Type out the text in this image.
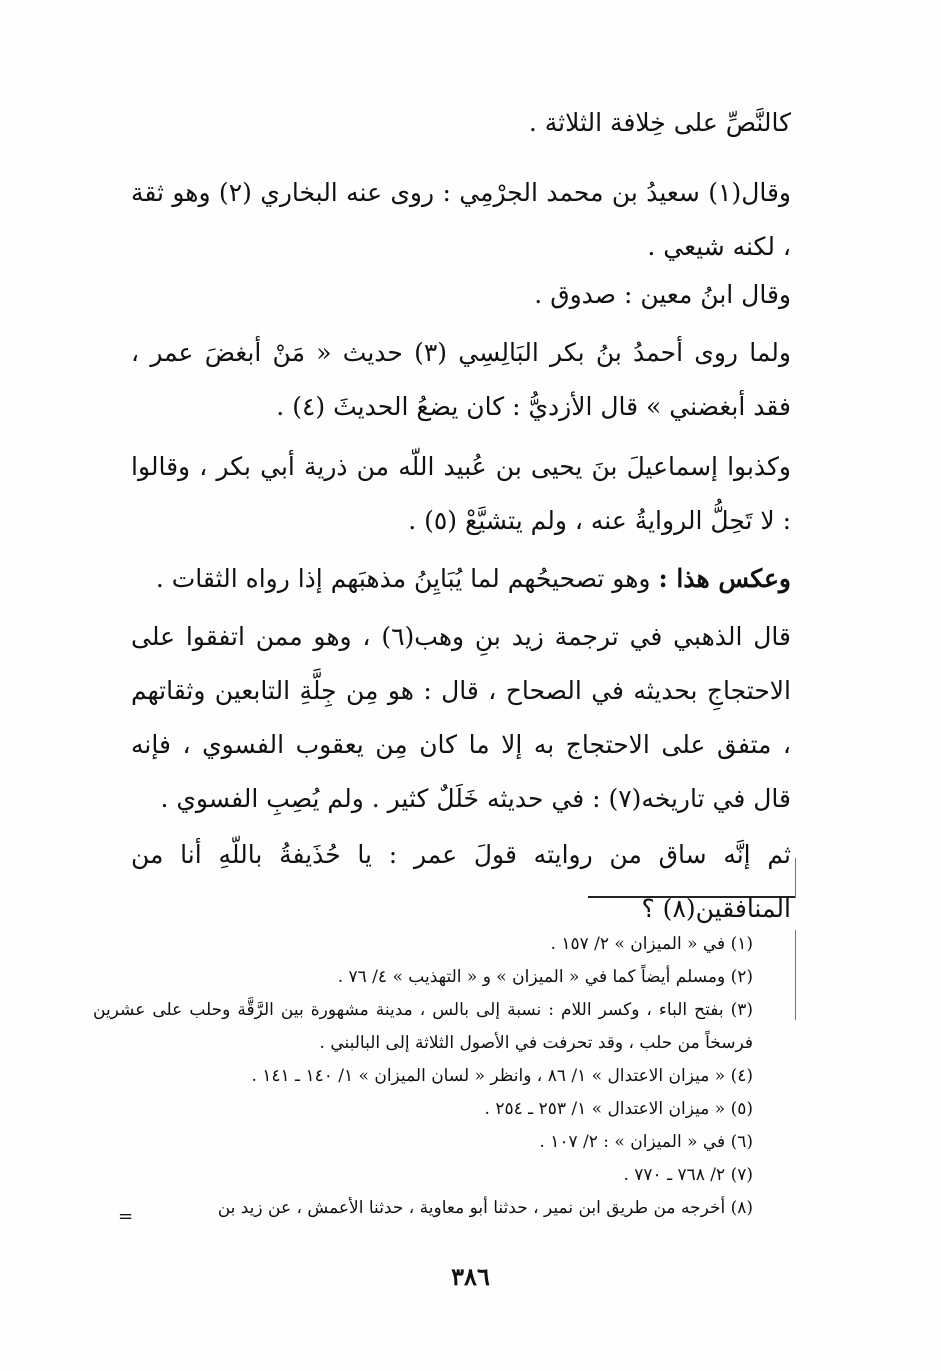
كالنَّصِّ على خِلافة الثلاثة .

وقال(١) سعيدُ بن محمد الجرْمِي : روى عنه البخاري (٢) وهو ثقة ، لكنه شيعي .

وقال ابنُ معين : صدوق .

ولما روى أحمدُ بنُ بكر البَالِسِي (٣) حديث « مَنْ أبغضَ عمر ، فقد أبغضني » قال الأزديُّ : كان يضعُ الحديثَ (٤) .

وكذبوا إسماعيلَ بنَ يحيى بن عُبيد اللّه من ذرية أبي بكر ، وقالوا : لا تَحِلُّ الروايةُ عنه ، ولم يتشيَّعْ (٥) .

وعكس هذا : وهو تصحيحُهم لما يُبَايِنُ مذهبَهم إذا رواه الثقات .

قال الذهبي في ترجمة زيد بنِ وهب(٦) ، وهو ممن اتفقوا على الاحتجاجِ بحديثه في الصحاح ، قال : هو مِن جِلَّةِ التابعين وثقاتهم ، متفق على الاحتجاج به إلا ما كان مِن يعقوب الفسوي ، فإنه قال في تاريخه(٧) : في حديثه خَلَلٌ كثير . ولم يُصِبِ الفسوي .

ثم إنَّه ساق من روايته قولَ عمر : يا حُذَيفةُ باللّهِ أنا من المنافقين(٨) ؟

(١) في « الميزان » ٢/ ١٥٧ .

(٢) ومسلم أيضاً كما في « الميزان » و « التهذيب » ٤/ ٧٦ .

(٣) بفتح الباء ، وكسر اللام : نسبة إلى بالس ، مدينة مشهورة بين الرَّقَّة وحلب على عشرين فرسخاً من حلب ، وقد تحرفت في الأصول الثلاثة إلى البالبني .

(٤) « ميزان الاعتدال » ١/ ٨٦ ، وانظر « لسان الميزان » ١/ ١٤٠ ـ ١٤١ .

(٥) « ميزان الاعتدال » ١/ ٢٥٣ ـ ٢٥٤ .

(٦) في « الميزان » : ٢/ ١٠٧ .

(٧) ٢/ ٧٦٨ ـ ٧٧٠ .

(٨) أخرجه من طريق ابن نمير ، حدثنا أبو معاوية ، حدثنا الأعمش ، عن زيد بن

=
٣٨٦
